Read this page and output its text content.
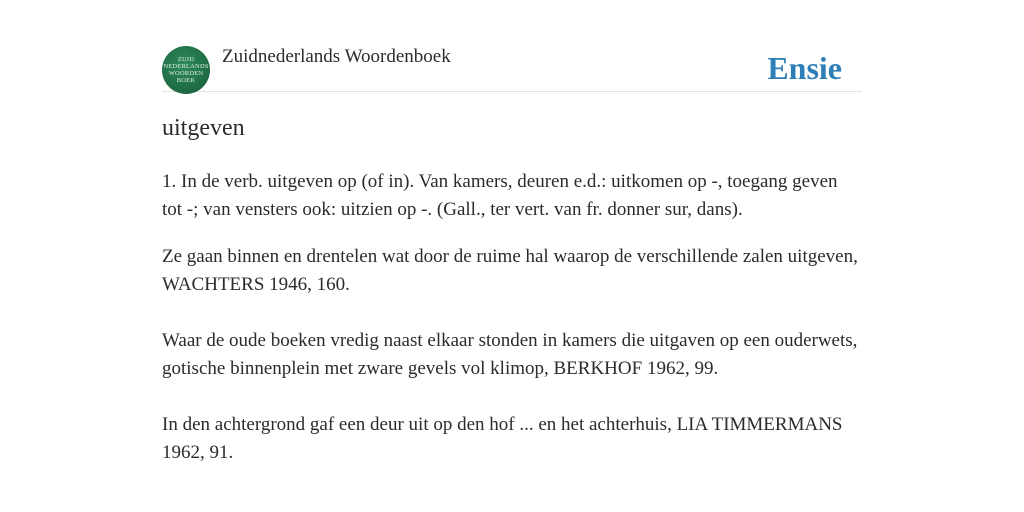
ZUID
NEDERLANDS
WOORDEN
BOEK
Zuidnederlands Woordenboek	Ensie
uitgeven

1. In de verb. uitgeven op (of in). Van kamers, deuren e.d.: uitkomen op -, toegang geven tot -; van vensters ook: uitzien op -. (Gall., ter vert. van fr. donner sur, dans).

Ze gaan binnen en drentelen wat door de ruime hal waarop de verschillende zalen uitgeven, WACHTERS 1946, 160.

Waar de oude boeken vredig naast elkaar stonden in kamers die uitgaven op een ouderwets, gotische binnenplein met zware gevels vol klimop, BERKHOF 1962, 99.

In den achtergrond gaf een deur uit op den hof ... en het achterhuis, LIA TIMMERMANS 1962, 91.
